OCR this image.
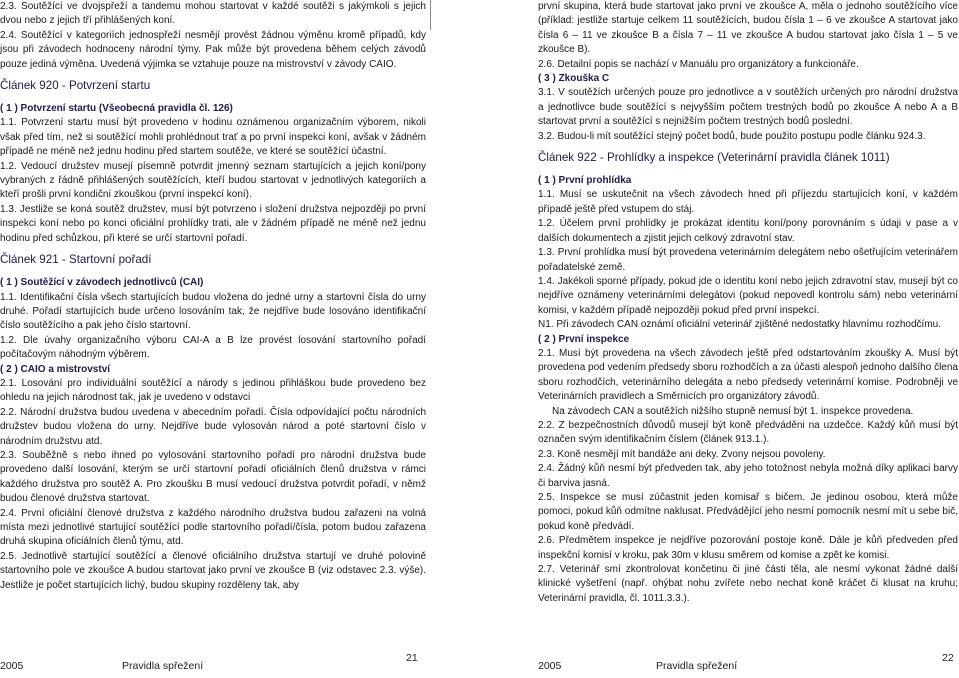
2.3. Soutěžící ve dvojspřeží a tandemu mohou startovat v každé soutěži s jakýmkoli s jejich dvou nebo z jejich tří přihlášených koní.

2.4. Soutěžící v kategoriích jednospřeží nesmějí provést žádnou výměnu kromě případů, kdy jsou při závodech hodnoceny národní týmy. Pak může být provedena během celých závodů pouze jediná výměna. Uvedená výjimka se vztahuje pouze na mistrovství v závody CAIO.

Článek 920 - Potvrzení startu

( 1 ) Potvrzení startu (Všeobecná pravidla čl. 126)

1.1. Potvrzení startu musí být provedeno v hodinu oznámenou organizačním výborem, nikoli však před tím, než si soutěžící mohli prohlédnout trať a po první inspekci koní, avšak v žádném případě ne méně než jednu hodinu před startem soutěže, ve které se soutěžící účastní.

1.2. Vedoucí družstev musejí písemně potvrdit jmenný seznam startujících a jejich koní/pony vybraných z řádně přihlášených soutěžících, kteří budou startovat v jednotlivých kategoriích a kteří prošli první kondiční zkouškou (první inspekcí koní).

1.3. Jestliže se koná soutěž družstev, musí být potvrzeno i složení družstva nejpozději po první inspekci koní nebo po konci oficiální prohlídky trati, ale v žádném případě ne méně než jednu hodinu před schůzkou, při které se určí startovní pořadí.

Článek 921 - Startovní pořadí

( 1 ) Soutěžící v závodech jednotlivců (CAI)

1.1. Identifikační čísla všech startujících budou vložena do jedné urny a startovní čísla do urny druhé. Pořadí startujících bude určeno losováním tak, že nejdříve bude losováno identifikační číslo soutěžícího a pak jeho číslo startovní.

1.2. Dle úvahy organizačního výboru CAI-A a B lze provést losování startovního pořadí počítačovým náhodným výběrem.

( 2 ) CAIO a mistrovství

2.1. Losování pro individuální soutěžící a národy s jedinou přihláškou bude provedeno bez ohledu na jejich národnost tak, jak je uvedeno v odstavci

2.2. Národní družstva budou uvedena v abecedním pořadí. Čísla odpovídající počtu národních družstev budou vložena do urny. Nejdříve bude vylosován národ a poté startovní číslo v národním družstvu atd.

2.3. Souběžně s nebo ihned po vylosování startovního pořadí pro národní družstva bude provedeno další losování, kterým se určí startovní pořadí oficiálních členů družstva v rámci každého družstva pro soutěž A. Pro zkoušku B musí vedoucí družstva potvrdit pořadí, v němž budou členové družstva startovat.

2.4. První oficiální členové družstva z každého národního družstva budou zařazeni na volná místa mezi jednotlivé startující soutěžící podle startovního pořadí/čísla, potom budou zařazena druhá skupina oficiálních členů týmu, atd.

2.5. Jednotlivě startující soutěžící a členové oficiálního družstva startují ve druhé polovině startovního pole ve zkoušce A budou startovat jako první ve zkoušce B (viz odstavec 2.3. výše). Jestliže je počet startujících lichý, budou skupiny rozděleny tak, aby

2005	Pravidla spřežení
21

první skupina, která bude startovat jako první ve zkoušce A, měla o jednoho soutěžícího více (příklad: jestliže startuje celkem 11 soutěžících, budou čísla 1 – 6 ve zkoušce A startovat jako čísla 6 – 11 ve zkoušce B a čísla 7 – 11 ve zkoušce A budou startovat jako čísla 1 – 5 ve zkoušce B).

2.6. Detailní popis se nachází v Manuálu pro organizátory a funkcionáře.

( 3 ) Zkouška C

3.1. V soutěžích určených pouze pro jednotlivce a v soutěžích určených pro národní družstva a jednotlivce bude soutěžící s nejvyšším počtem trestných bodů po zkoušce A nebo A a B startovat první a soutěžící s nejnižším počtem trestných bodů poslední.

3.2. Budou-li mít soutěžící stejný počet bodů, bude použito postupu podle článku 924.3.

Článek 922 - Prohlídky a inspekce (Veterinární pravidla článek 1011)

( 1 ) První prohlídka

1.1. Musí se uskutečnit na všech závodech hned při příjezdu startujících koní, v každém případě ještě před vstupem do stáj.

1.2. Účelem první prohlídky je prokázat identitu koní/pony porovnáním s údaji v pase a v dalších dokumentech a zjistit jejich celkový zdravotní stav.

1.3. První prohlídka musí být provedena veterinárním delegátem nebo ošetřujícím veterinářem pořadatelské země.

1.4. Jakékoli sporné případy, pokud jde o identitu koní nebo jejich zdravotní stav, musejí být co nejdříve oznámeny veterinárními delegátovi (pokud nepovedl kontrolu sám) nebo veterinární komisi, v každém případě nejpozději pokud před první inspekcí.

N1. Při závodech CAN oznámí oficiální veterinář zjištěné nedostatky hlavnímu rozhodčímu.

( 2 ) První inspekce

2.1. Musí být provedena na všech závodech ještě před odstartováním zkoušky A. Musí být provedena pod vedením předsedy sboru rozhodčích a za účasti alespoň jednoho dalšího člena sboru rozhodčích, veterinárního delegáta a nebo předsedy veterinární komise. Podrobněji ve Veterinárních pravidlech a Směrnicích pro organizátory závodů.

Na závodech CAN a soutěžích nižšího stupně nemusí být 1. inspekce provedena.

2.2. Z bezpečnostních důvodů musejí být koně předváděni na uzdečce. Každý kůň musí být označen svým identifikačním číslem (článek 913.1.).

2.3. Koně nesmějí mít bandáže ani deky. Zvony nejsou povoleny.

2.4. Žádný kůň nesmí být předveden tak, aby jeho totožnost nebyla možná díky aplikaci barvy či barviva jasná.

2.5. Inspekce se musí zúčastnit jeden komisař s bičem. Je jedinou osobou, která může pomoci, pokud kůň odmítne naklusat. Předvádějící jeho nesmí pomocník nesmí mít u sebe bič, pokud koně předvádí.

2.6. Předmětem inspekce je nejdříve pozorování postoje koně. Dále je kůň předveden před inspekční komisí v kroku, pak 30m v klusu směrem od komise a zpět ke komisi.

2.7. Veterinář smí zkontrolovat končetinu či jiné části těla, ale nesmí vykonat žádné další klinické vyšetření (např. ohýbat nohu zvířete nebo nechat koně kráčet či klusat na kruhu; Veterinární pravidla, čl. 1011.3.3.).

2005	Pravidla spřežení
22
